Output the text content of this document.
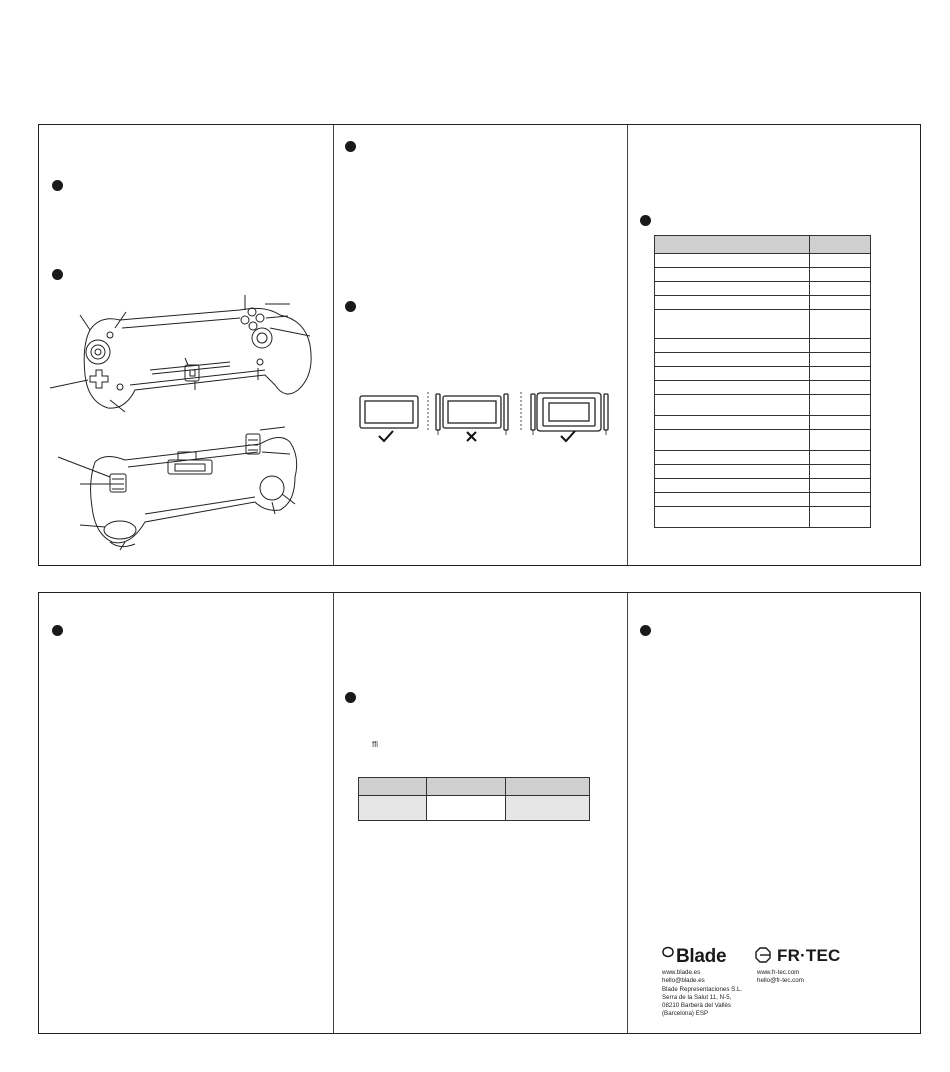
ffi

Blade	FR·TEC
www.blade.es
hello@blade.es
Blade Representaciones S.L.
Serra de la Salut 11, N-5,
08210 Barberà del Vallès
(Barcelona) ESP
www.fr-tec.com
hello@fr-tec.com
